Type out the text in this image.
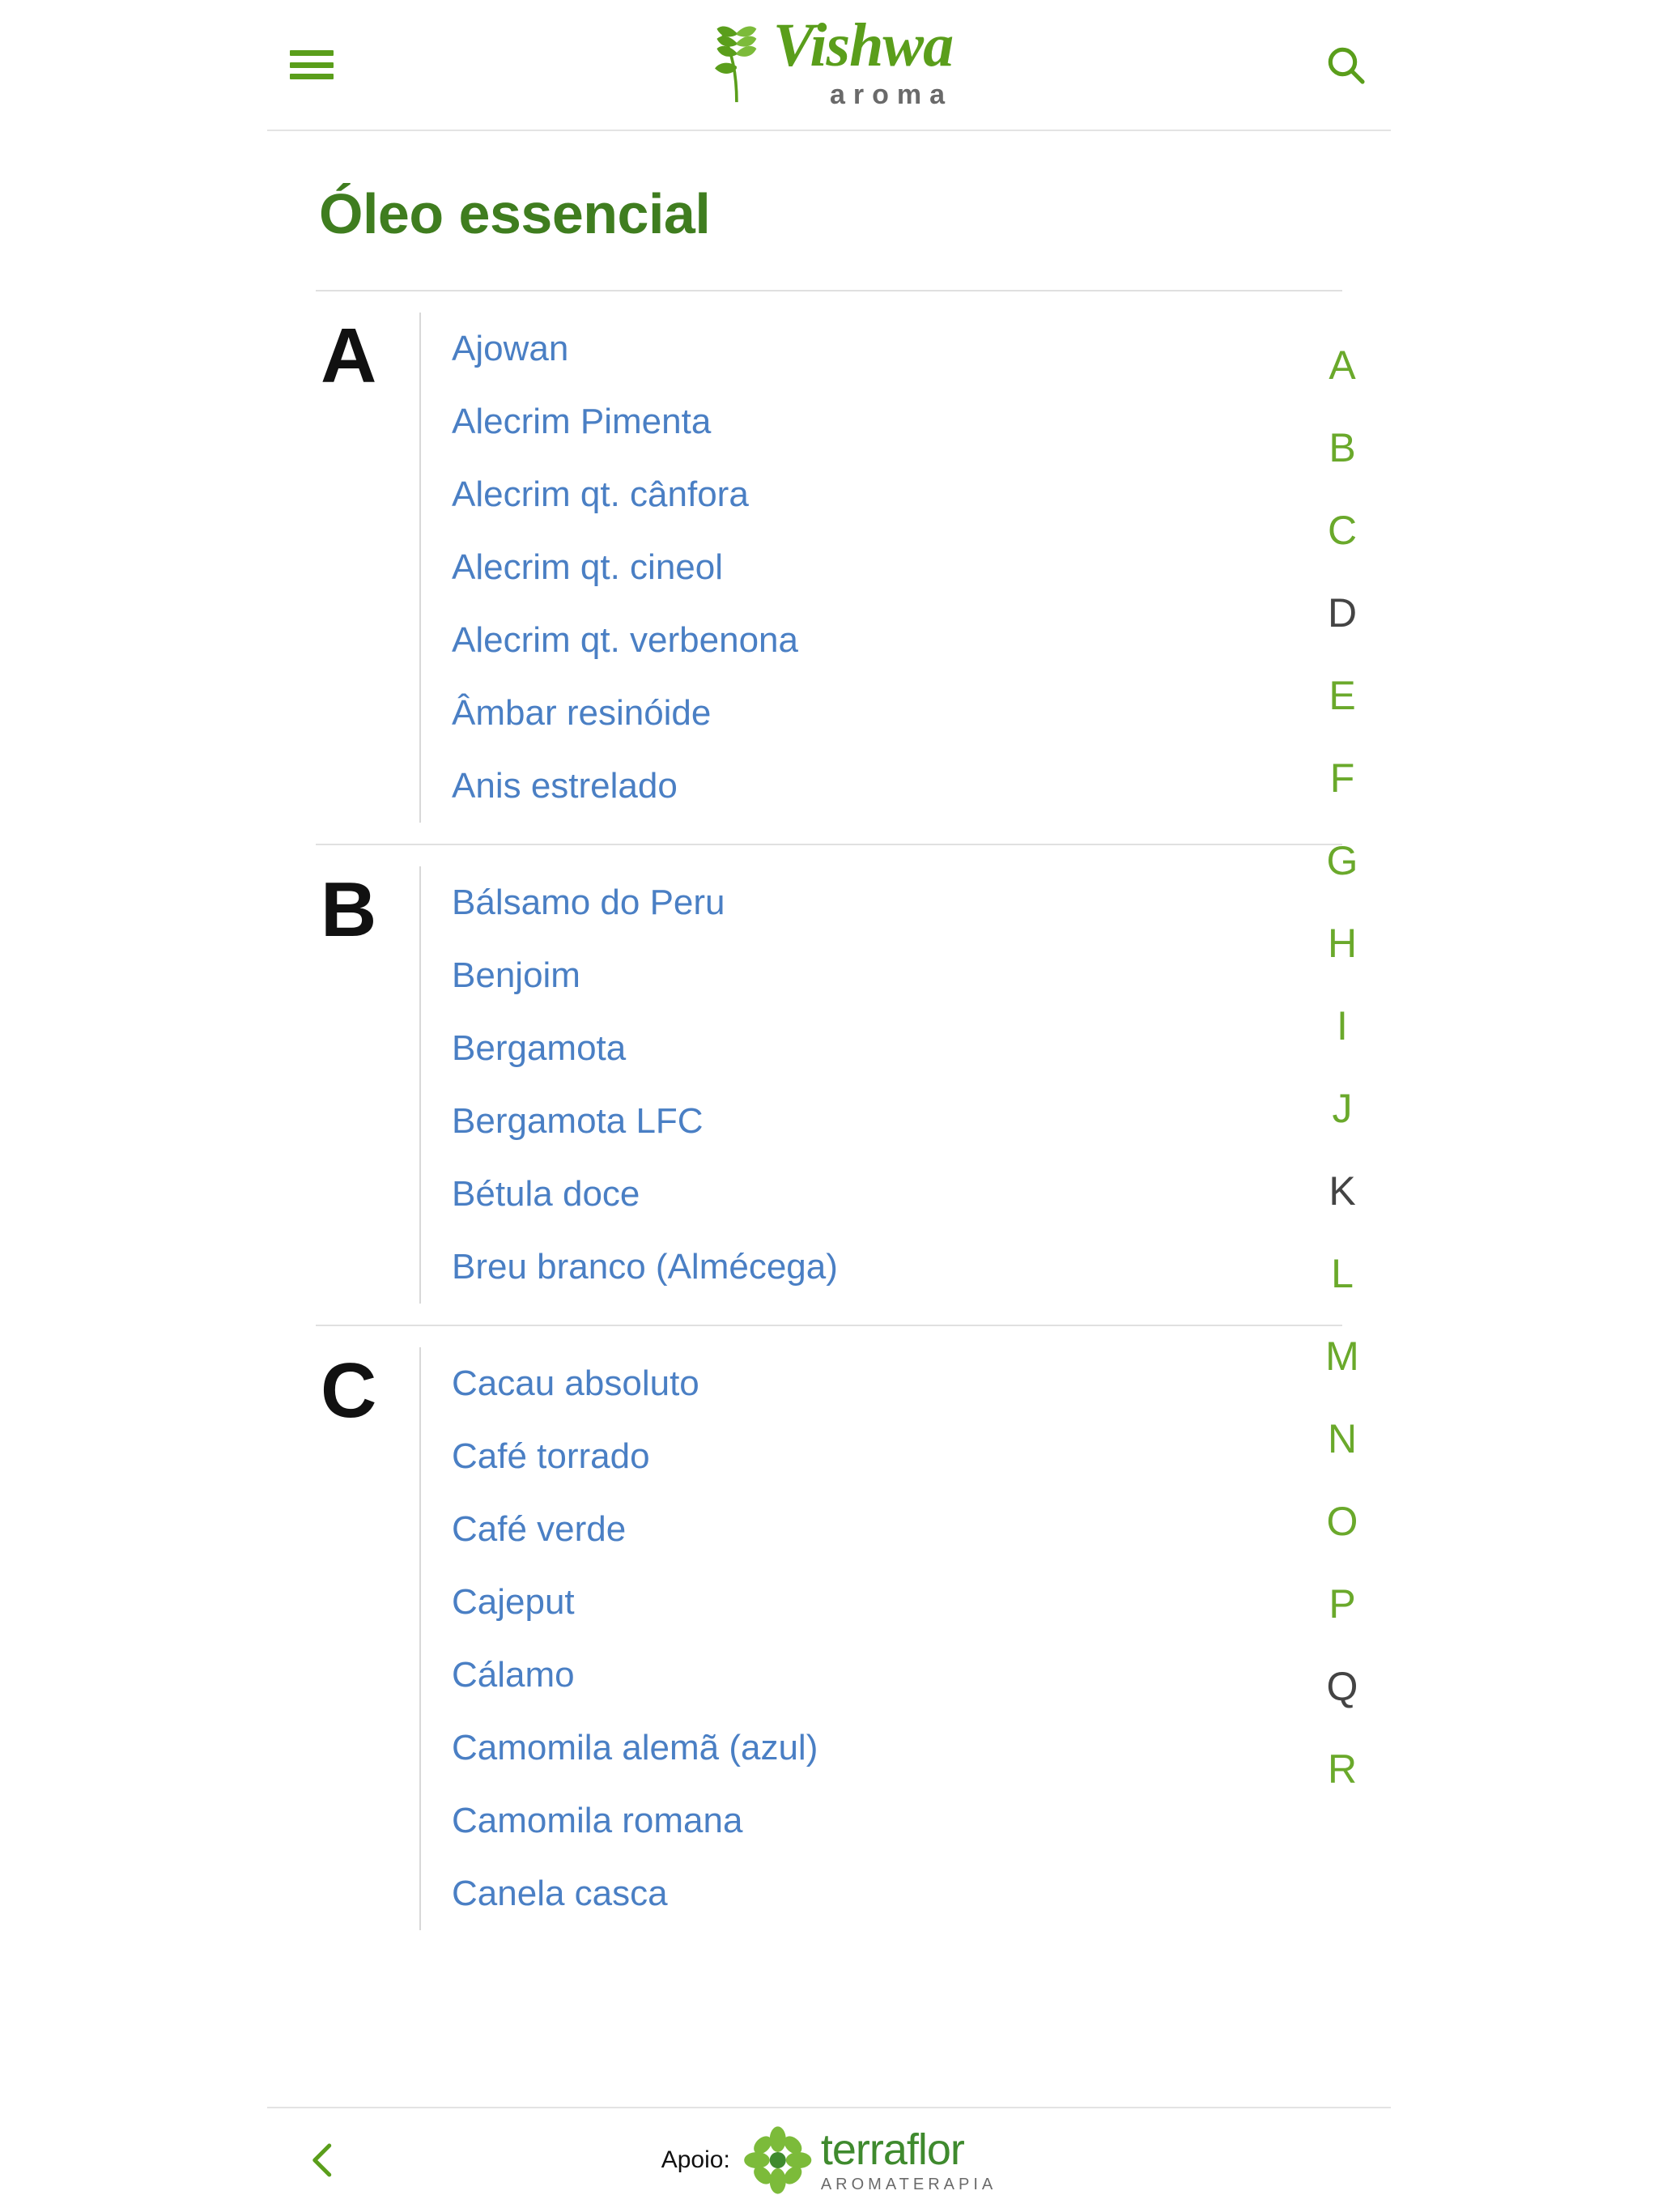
Vishwa
aroma
Óleo essencial
A	Ajowan
Alecrim Pimenta
Alecrim qt. cânfora
Alecrim qt. cineol
Alecrim qt. verbenona
Âmbar resinóide
Anis estrelado
B	Bálsamo do Peru
Benjoim
Bergamota
Bergamota LFC
Bétula doce
Breu branco (Almécega)
C	Cacau absoluto
Café torrado
Café verde
Cajeput
Cálamo
Camomila alemã (azul)
Camomila romana
Canela casca
A
B
C
D
E
F
G
H
I
J
K
L
M
N
O
P
Q
R
Apoio: terraflor
AROMATERAPIA
